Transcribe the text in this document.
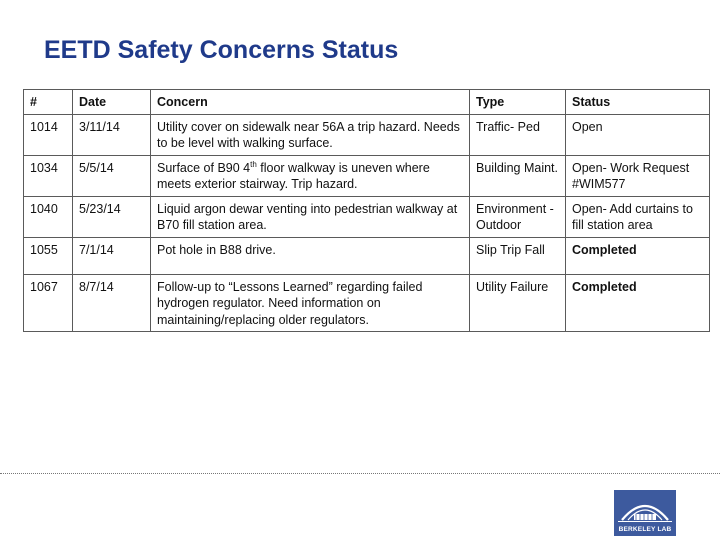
EETD Safety Concerns Status
#	Date	Concern	Type	Status
1014	3/11/14	Utility cover on sidewalk near 56A a trip hazard. Needs to be level with walking surface.	Traffic- Ped	Open
1034	5/5/14	Surface of B90 4th floor walkway is uneven where meets exterior stairway. Trip hazard.	Building Maint.	Open- Work Request #WIM577
1040	5/23/14	Liquid argon dewar venting into pedestrian walkway at B70 fill station area.	Environment - Outdoor	Open- Add curtains to fill station area
1055	7/1/14	Pot hole in B88 drive.	Slip Trip Fall	Completed
1067	8/7/14	Follow-up to “Lessons Learned” regarding failed hydrogen regulator. Need information on maintaining/replacing older regulators.	Utility Failure	Completed
BERKELEY LAB
